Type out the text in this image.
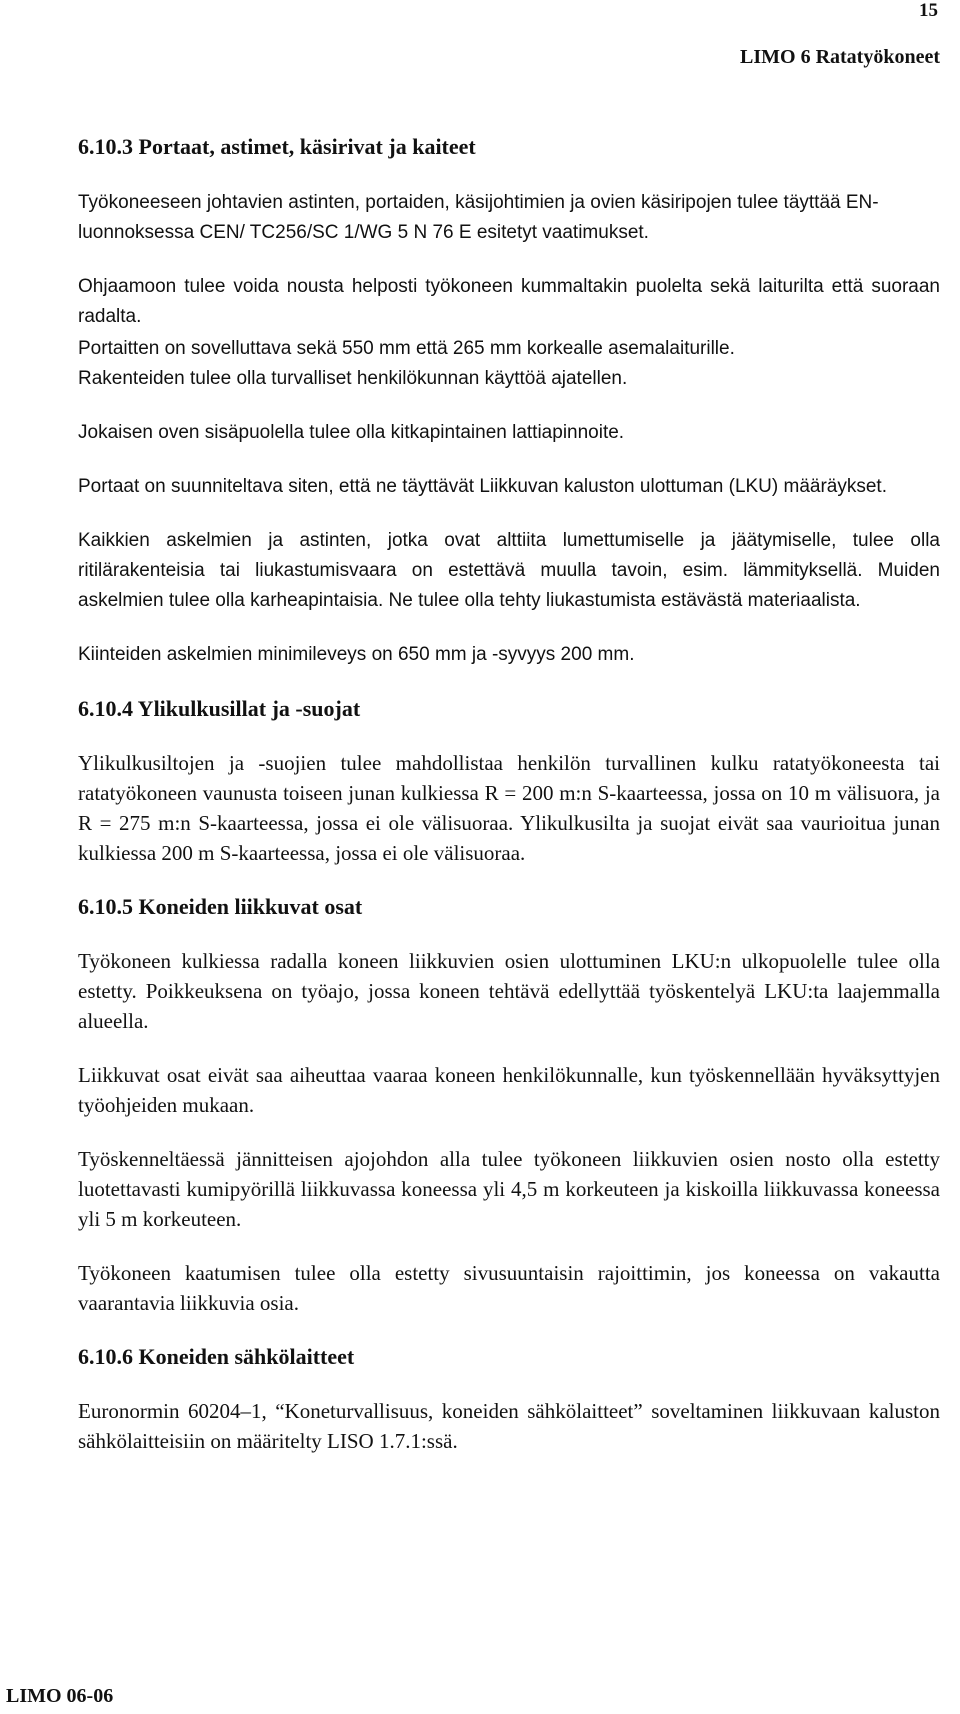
15
LIMO 6 Ratatyökoneet

6.10.3 Portaat, astimet, käsirivat ja kaiteet

Työkoneeseen johtavien astinten, portaiden, käsijohtimien ja ovien käsiripojen tulee täyttää EN-luonnoksessa CEN/ TC256/SC 1/WG 5 N 76 E esitetyt vaatimukset.

Ohjaamoon tulee voida nousta helposti työkoneen kummaltakin puolelta sekä laiturilta että suoraan radalta.

Portaitten on sovelluttava sekä 550 mm että 265 mm korkealle asemalaiturille.

Rakenteiden tulee olla turvalliset henkilökunnan käyttöä ajatellen.

Jokaisen oven sisäpuolella tulee olla kitkapintainen lattiapinnoite.

Portaat on suunniteltava siten, että ne täyttävät Liikkuvan kaluston ulottuman (LKU) määräykset.

Kaikkien askelmien ja astinten, jotka ovat alttiita lumettumiselle ja jäätymiselle, tulee olla ritilärakenteisia tai liukastumisvaara on estettävä muulla tavoin, esim. lämmityksellä. Muiden askelmien tulee olla karheapintaisia. Ne tulee olla tehty liukastumista estävästä materiaalista.

Kiinteiden askelmien minimileveys on 650 mm ja -syvyys 200 mm.

6.10.4 Ylikulkusillat ja -suojat

Ylikulkusiltojen ja -suojien tulee mahdollistaa henkilön turvallinen kulku ratatyökoneesta tai ratatyökoneen vaunusta toiseen junan kulkiessa R = 200 m:n S-kaarteessa, jossa on 10 m välisuora, ja R = 275 m:n S-kaarteessa, jossa ei ole välisuoraa. Ylikulkusilta ja suojat eivät saa vaurioitua junan kulkiessa 200 m S-kaarteessa, jossa ei ole välisuoraa.

6.10.5 Koneiden liikkuvat osat

Työkoneen kulkiessa radalla koneen liikkuvien osien ulottuminen LKU:n ulkopuolelle tulee olla estetty. Poikkeuksena on työajo, jossa koneen tehtävä edellyttää työskentelyä LKU:ta laajemmalla alueella.

Liikkuvat osat eivät saa aiheuttaa vaaraa koneen henkilökunnalle, kun työskennellään hyväksyttyjen työohjeiden mukaan.

Työskenneltäessä jännitteisen ajojohdon alla tulee työkoneen liikkuvien osien nosto olla estetty luotettavasti kumipyörillä liikkuvassa koneessa yli 4,5 m korkeuteen ja kiskoilla liikkuvassa koneessa yli 5 m korkeuteen.

Työkoneen kaatumisen tulee olla estetty sivusuuntaisin rajoittimin, jos koneessa on vakautta vaarantavia liikkuvia osia.

6.10.6 Koneiden sähkölaitteet

Euronormin 60204–1, “Koneturvallisuus, koneiden sähkölaitteet” soveltaminen liikkuvaan kaluston sähkölaitteisiin on määritelty LISO 1.7.1:ssä.

LIMO 06-06
